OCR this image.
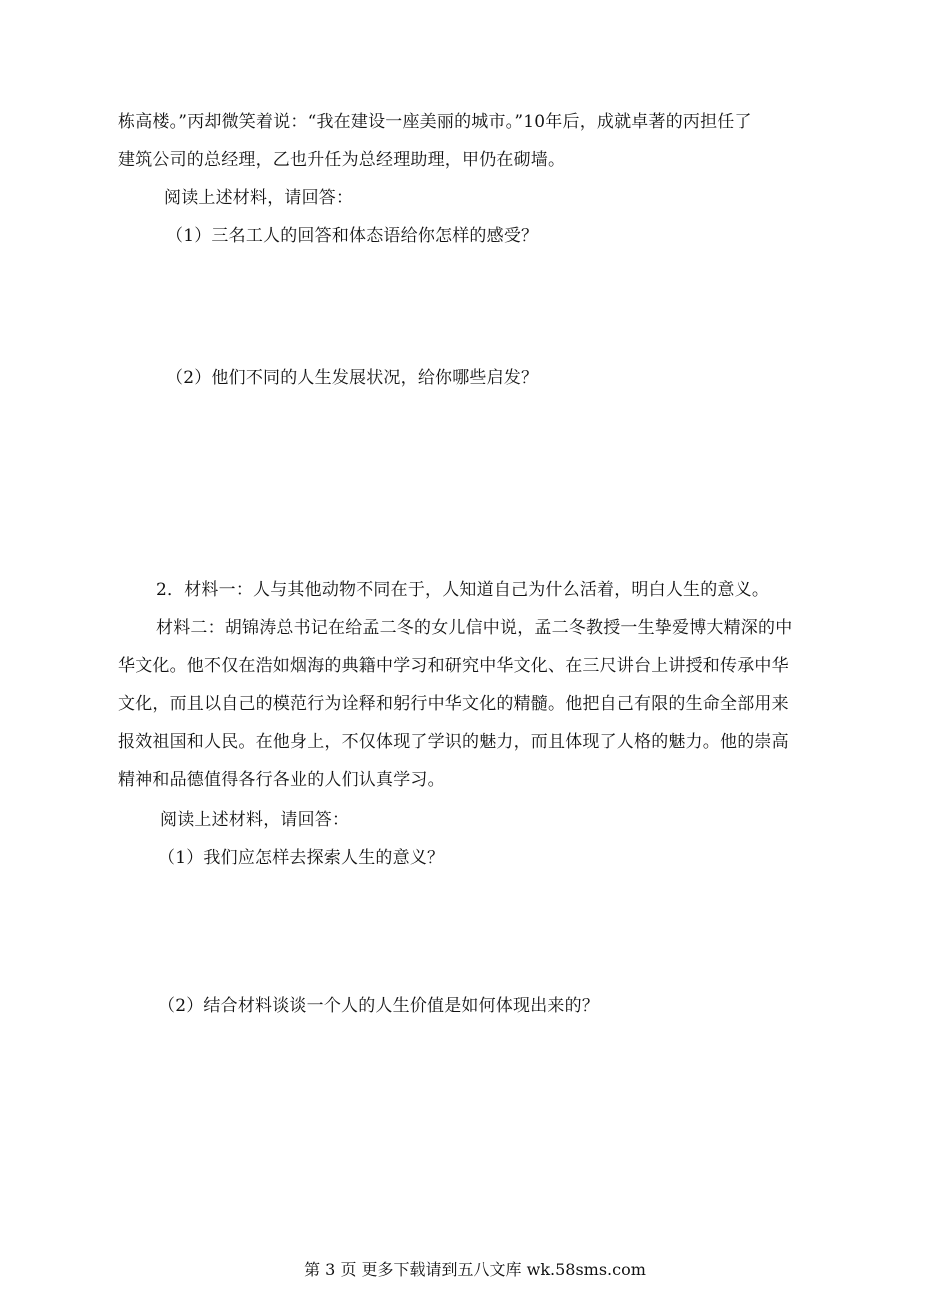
栋高楼。”丙却微笑着说：“我在建设一座美丽的城市。”10年后，成就卓著的丙担任了
建筑公司的总经理，乙也升任为总经理助理，甲仍在砌墙。
阅读上述材料，请回答：
（1）三名工人的回答和体态语给你怎样的感受？
（2）他们不同的人生发展状况，给你哪些启发？
2．材料一：人与其他动物不同在于，人知道自己为什么活着，明白人生的意义。
材料二：胡锦涛总书记在给孟二冬的女儿信中说，孟二冬教授一生挚爱博大精深的中
华文化。他不仅在浩如烟海的典籍中学习和研究中华文化、在三尺讲台上讲授和传承中华
文化，而且以自己的模范行为诠释和躬行中华文化的精髓。他把自己有限的生命全部用来
报效祖国和人民。在他身上，不仅体现了学识的魅力，而且体现了人格的魅力。他的崇高
精神和品德值得各行各业的人们认真学习。
阅读上述材料，请回答：
（1）我们应怎样去探索人生的意义？
（2）结合材料谈谈一个人的人生价值是如何体现出来的？
第 3 页 更多下载请到五八文库 wk.58sms.com
